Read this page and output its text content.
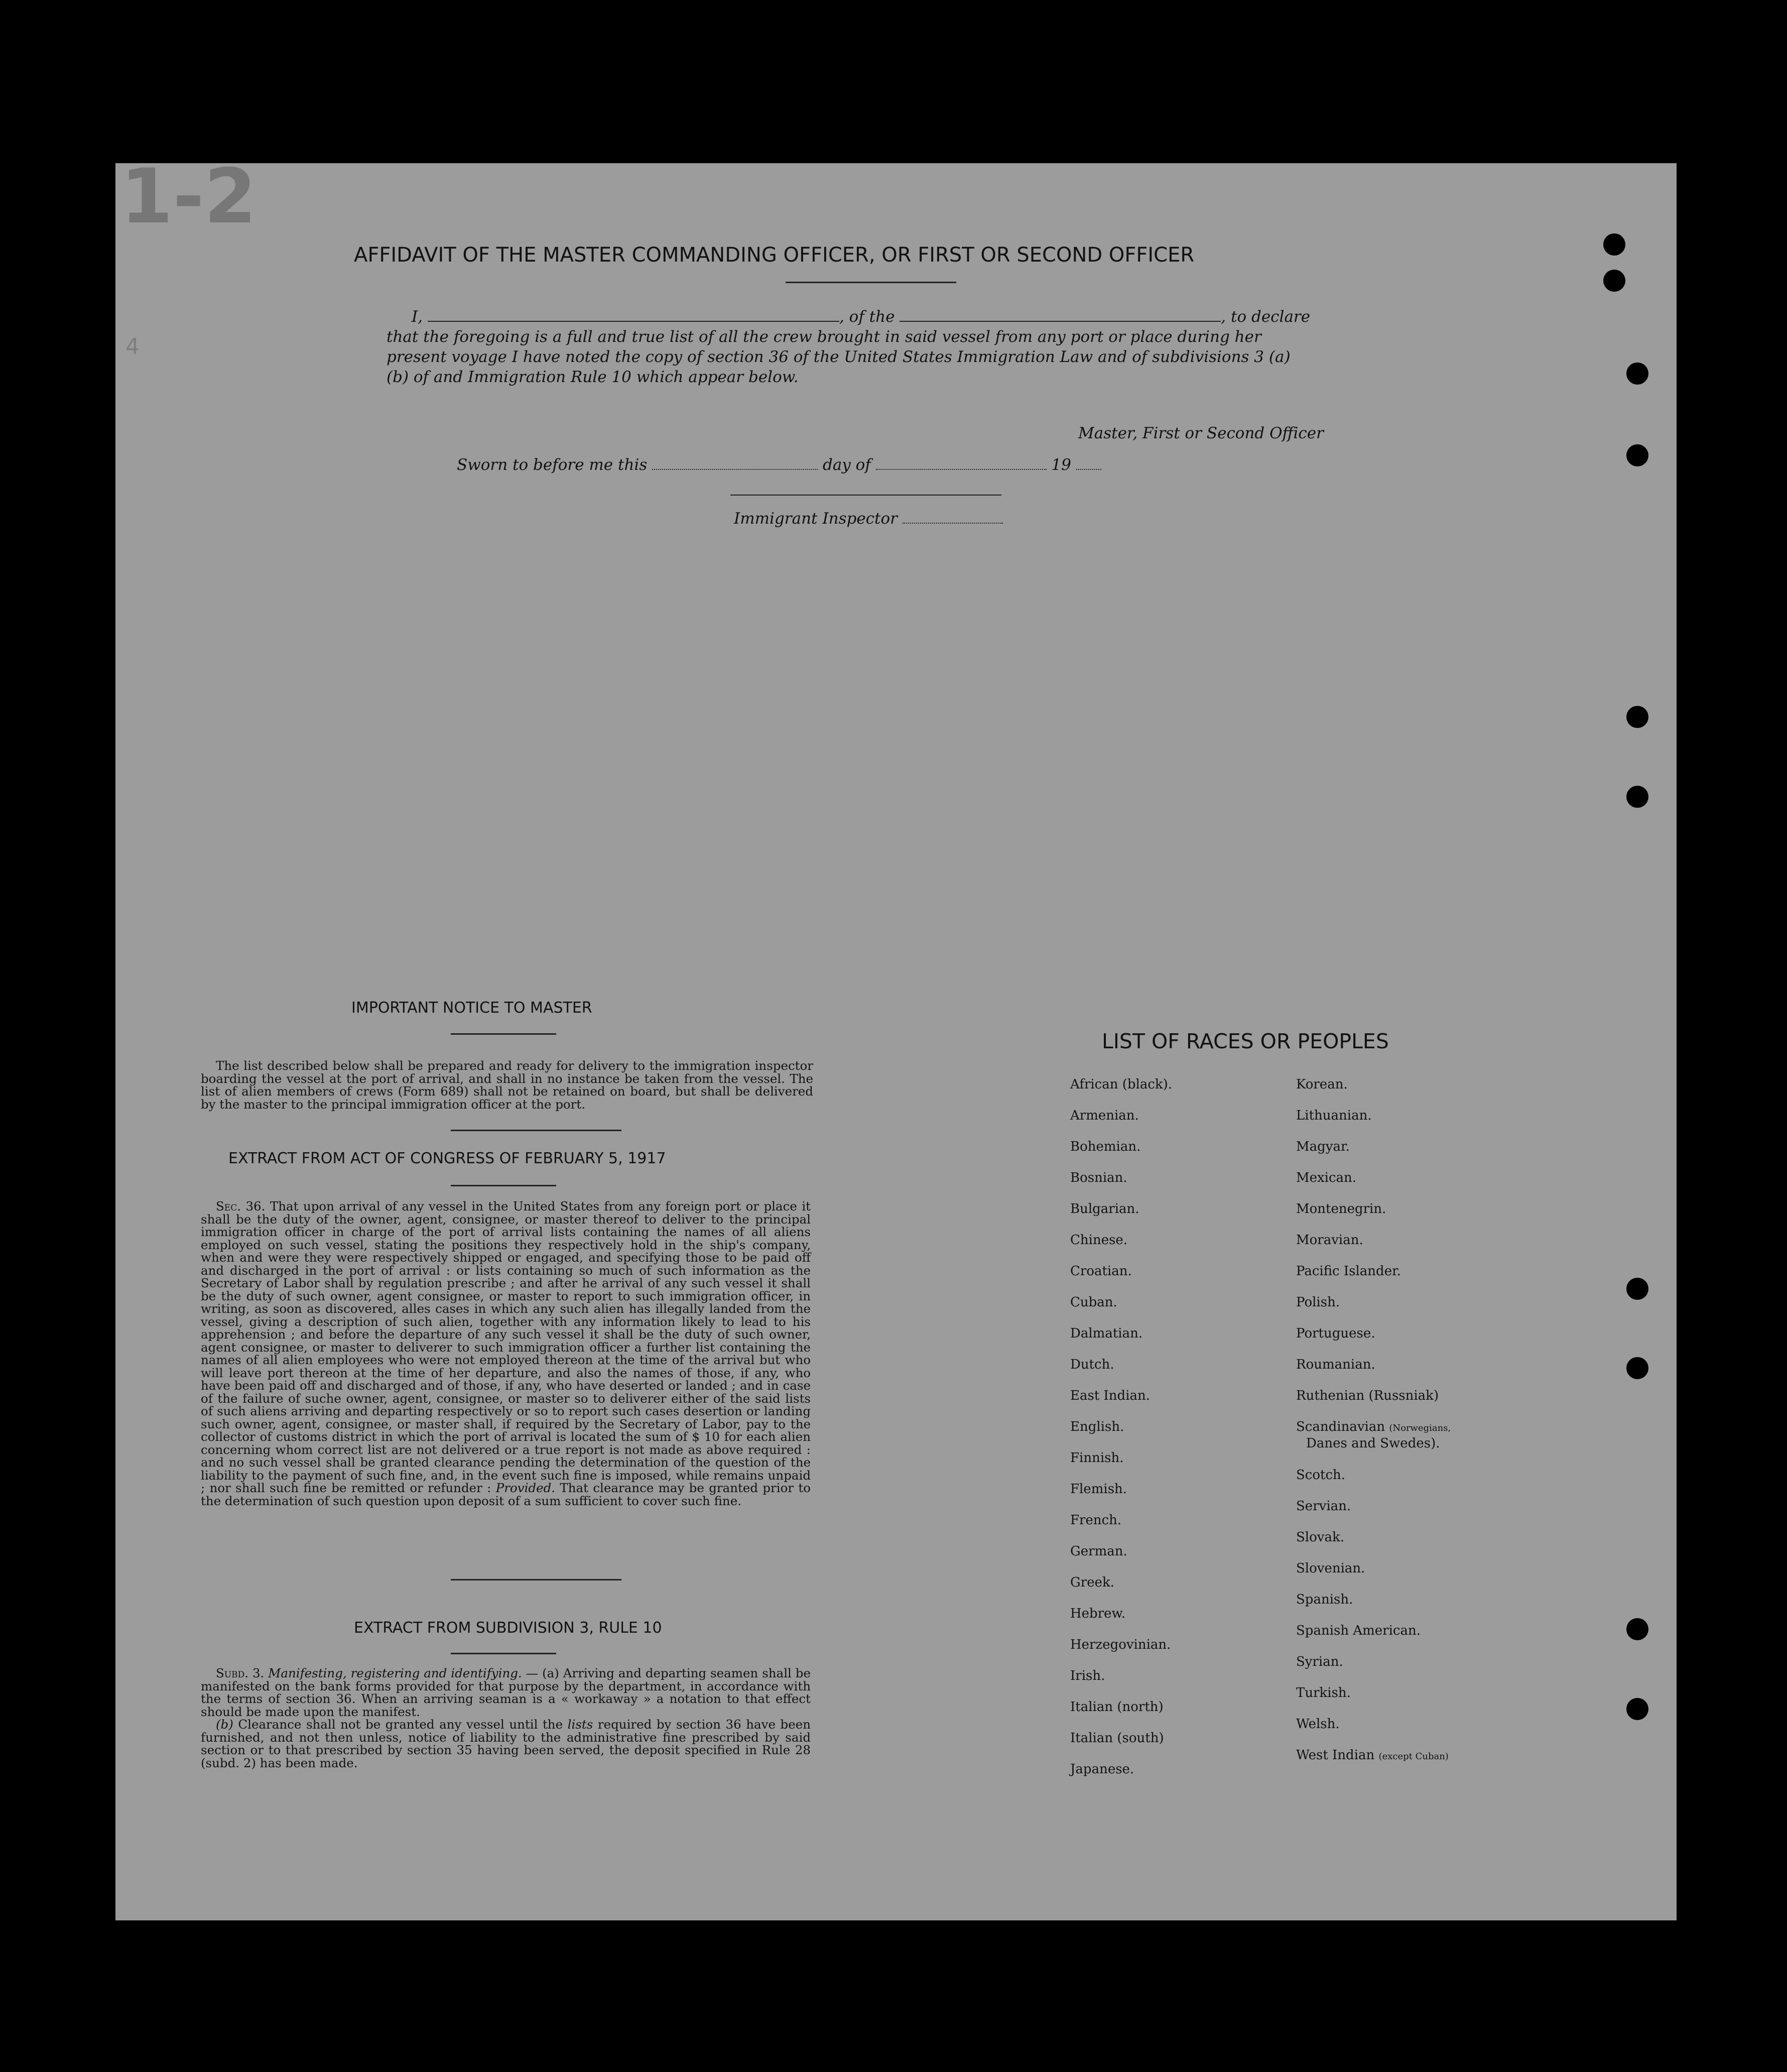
1-2
4
AFFIDAVIT OF THE MASTER COMMANDING OFFICER, OR FIRST OR SECOND OFFICER
I,	, of the	, to declare
that the foregoing is a full and true list of all the crew brought in said vessel from any port or place during her
present voyage I have noted the copy of section 36 of the United States Immigration Law and of subdivisions 3 (a)
(b) of and Immigration Rule 10 which appear below.
Master, First or Second Officer
Sworn to before me this	day of	19
Immigrant Inspector
IMPORTANT NOTICE TO MASTER
The list described below shall be prepared and ready for delivery to the immigration inspector boarding the vessel at the port of arrival, and shall in no instance be taken from the vessel. The list of alien members of crews (Form 689) shall not be retained on board, but shall be delivered by the master to the principal immigration officer at the port.
EXTRACT FROM ACT OF CONGRESS OF FEBRUARY 5, 1917
Sec. 36. That upon arrival of any vessel in the United States from any foreign port or place it shall be the duty of the owner, agent, consignee, or master thereof to deliver to the principal immigration officer in charge of the port of arrival lists containing the names of all aliens employed on such vessel, stating the positions they respectively hold in the ship's company, when and were they were respectively shipped or engaged, and specifying those to be paid off and discharged in the port of arrival : or lists containing so much of such information as the Secretary of Labor shall by regulation prescribe ; and after he arrival of any such vessel it shall be the duty of such owner, agent consignee, or master to report to such immigration officer, in writing, as soon as discovered, alles cases in which any such alien has illegally landed from the vessel, giving a description of such alien, together with any information likely to lead to his apprehension ; and before the departure of any such vessel it shall be the duty of such owner, agent consignee, or master to deliverer to such immigration officer a further list containing the names of all alien employees who were not employed thereon at the time of the arrival but who will leave port thereon at the time of her departure, and also the names of those, if any, who have been paid off and discharged and of those, if any, who have deserted or landed ; and in case of the failure of suche owner, agent, consignee, or master so to deliverer either of the said lists of such aliens arriving and departing respectively or so to report such cases desertion or landing such owner, agent, consignee, or master shall, if required by the Secretary of Labor, pay to the collector of customs district in which the port of arrival is located the sum of $ 10 for each alien concerning whom correct list are not delivered or a true report is not made as above required : and no such vessel shall be granted clearance pending the determination of the question of the liability to the payment of such fine, and, in the event such fine is imposed, while remains unpaid ; nor shall such fine be remitted or refunder : Provided. That clearance may be granted prior to the determination of such question upon deposit of a sum sufficient to cover such fine.
EXTRACT FROM SUBDIVISION 3, RULE 10
Subd. 3. Manifesting, registering and identifying. — (a) Arriving and departing seamen shall be manifested on the bank forms provided for that purpose by the department, in accordance with the terms of section 36. When an arriving seaman is a « workaway » a notation to that effect should be made upon the manifest.
(b) Clearance shall not be granted any vessel until the lists required by section 36 have been furnished, and not then unless, notice of liability to the administrative fine prescribed by said section or to that prescribed by section 35 having been served, the deposit specified in Rule 28 (subd. 2) has been made.
LIST OF RACES OR PEOPLES
African (black).
Armenian.
Bohemian.
Bosnian.
Bulgarian.
Chinese.
Croatian.
Cuban.
Dalmatian.
Dutch.
East Indian.
English.
Finnish.
Flemish.
French.
German.
Greek.
Hebrew.
Herzegovinian.
Irish.
Italian (north)
Italian (south)
Japanese.
Korean.
Lithuanian.
Magyar.
Mexican.
Montenegrin.
Moravian.
Pacific Islander.
Polish.
Portuguese.
Roumanian.
Ruthenian (Russniak)
Scandinavian (Norwegians,
Danes and Swedes).
Scotch.
Servian.
Slovak.
Slovenian.
Spanish.
Spanish American.
Syrian.
Turkish.
Welsh.
West Indian (except Cuban)
